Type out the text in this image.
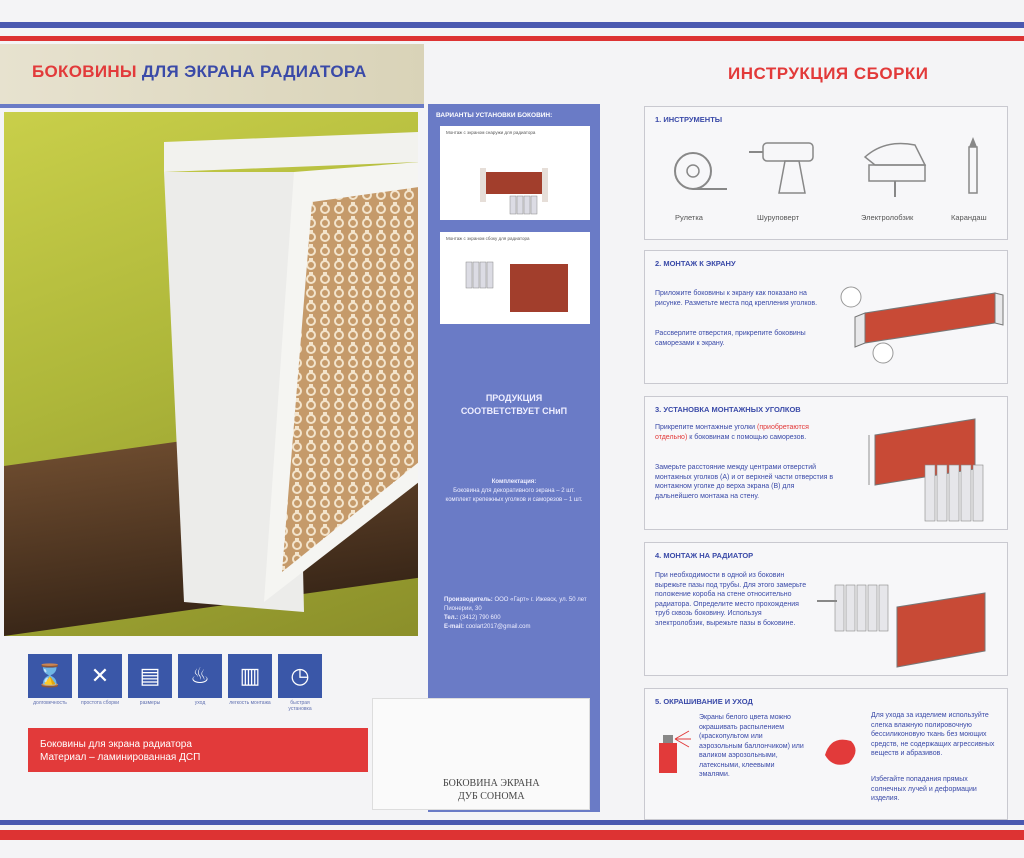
БОКОВИНЫ ДЛЯ ЭКРАНА РАДИАТОРА	ИНСТРУКЦИЯ СБОРКИ
⌛
долговечность
✕
простота сборки
▤
размеры
♨
уход
▥
легкость монтажа
◷
быстрая установка
Боковины для экрана радиатора
Материал – ламинированная ДСП
ВАРИАНТЫ УСТАНОВКИ БОКОВИН:
Монтаж с экраном снаружи для радиатора
Монтаж с экраном сбоку для радиатора
ПРОДУКЦИЯ
СООТВЕТСТВУЕТ СНиП
Комплектация:
Боковина для декоративного экрана – 2 шт. комплект крепежных уголков и саморезов – 1 шт.
Производитель: ООО «Гарт» г. Ижевск, ул. 50 лет Пионерии, 30
Тел.: (3412) 790 600
E-mail: coolart2017@gmail.com
БОКОВИНА ЭКРАНА
ДУБ СОНОМА
1. ИНСТРУМЕНТЫ
Рулетка	Шуруповерт	Электролобзик	Карандаш
2. МОНТАЖ К ЭКРАНУ
Приложите боковины к экрану как показано на рисунке. Разметьте места под крепления уголков.
Рассверлите отверстия, прикрепите боковины саморезами к экрану.
3. УСТАНОВКА МОНТАЖНЫХ УГОЛКОВ
Прикрепите монтажные уголки (приобретаются отдельно) к боковинам с помощью саморезов.
Замерьте расстояние между центрами отверстий монтажных уголков (A) и от верхней части отверстия в монтажном уголке до верха экрана (B) для дальнейшего монтажа на стену.
4. МОНТАЖ НА РАДИАТОР
При необходимости в одной из боковин вырежьте пазы под трубы. Для этого замерьте положение короба на стене относительно радиатора. Определите место прохождения труб сквозь боковину. Используя электролобзик, вырежьте пазы в боковине.
5. ОКРАШИВАНИЕ И УХОД
Экраны белого цвета можно окрашивать распылением (краскопультом или аэрозольным баллончиком) или валиком аэрозольными, латексными, клеевыми эмалями.
Для ухода за изделием используйте слегка влажную полировочную бессиликоновую ткань без моющих средств, не содержащих агрессивных веществ и абразивов.
Избегайте попадания прямых солнечных лучей и деформации изделия.
